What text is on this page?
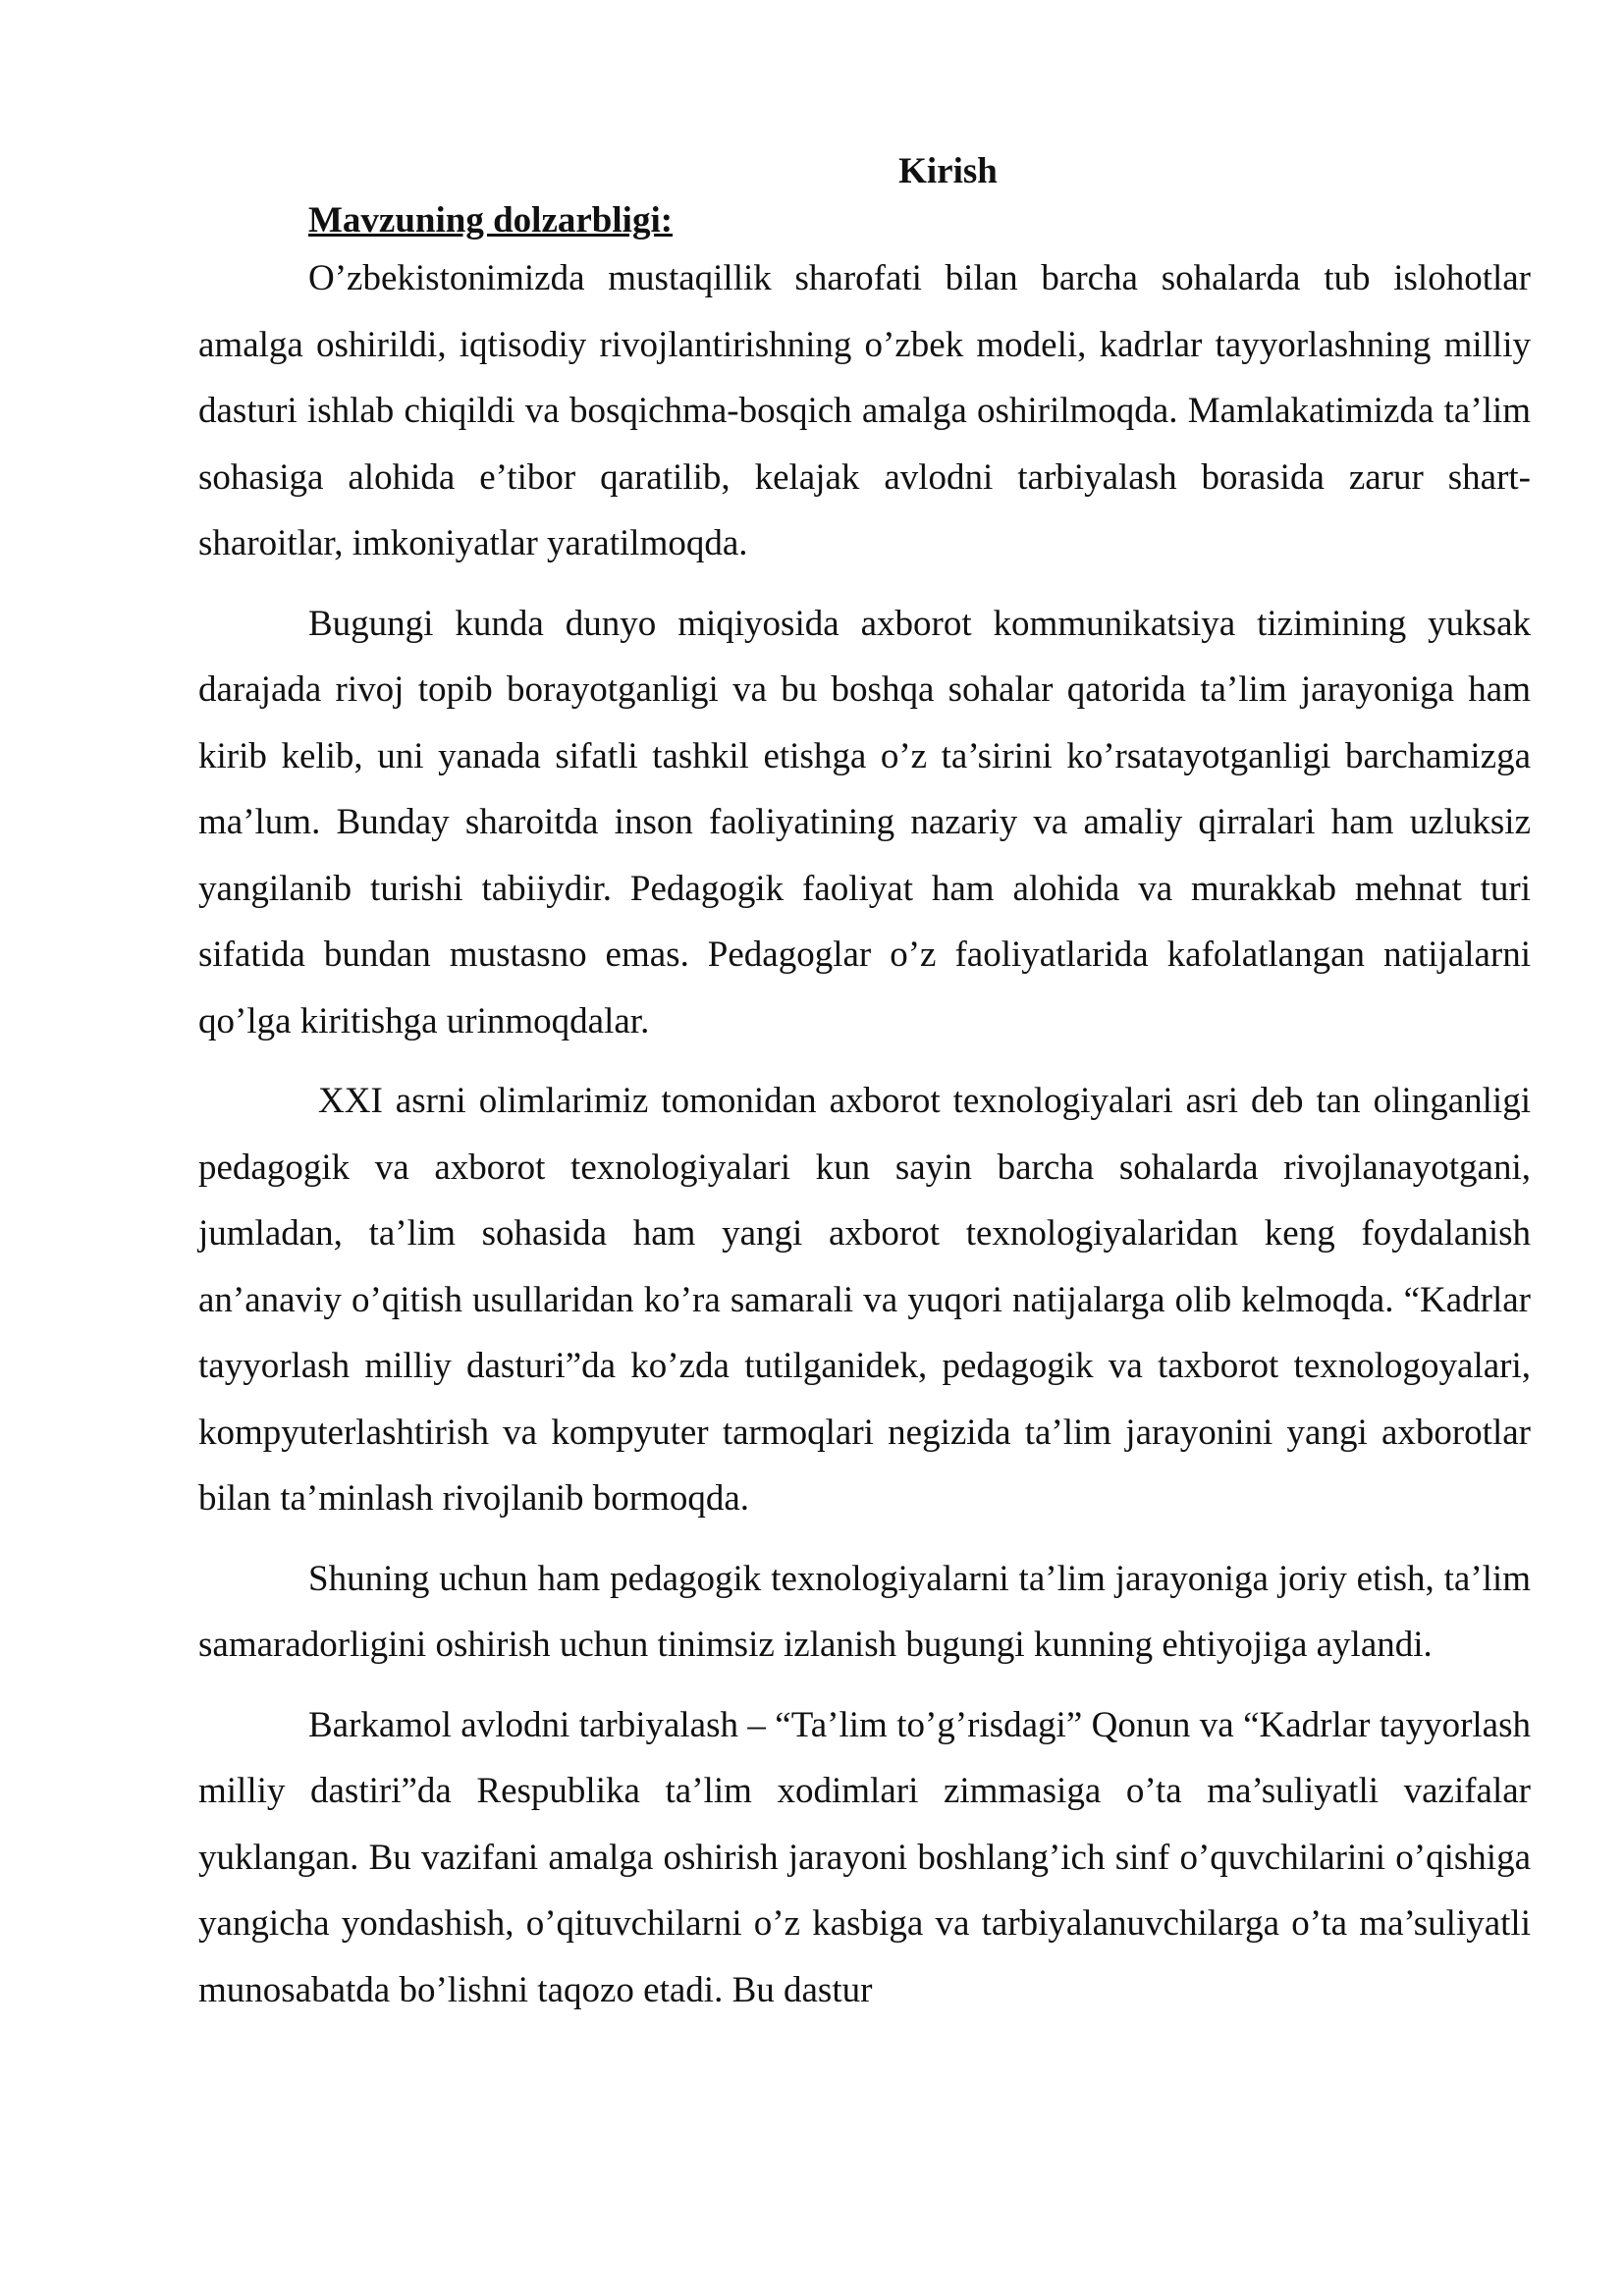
Kirish

Mavzuning dolzarbligi:

O’zbekistonimizda mustaqillik sharofati bilan barcha sohalarda tub islohotlar amalga oshirildi, iqtisodiy rivojlantirishning o’zbek modeli, kadrlar tayyorlashning milliy dasturi ishlab chiqildi va bosqichma-bosqich amalga oshirilmoqda. Mamlakatimizda ta’lim sohasiga alohida e’tibor qaratilib, kelajak avlodni tarbiyalash borasida zarur shart-sharoitlar, imkoniyatlar yaratilmoqda.

Bugungi kunda dunyo miqiyosida axborot kommunikatsiya tizimining yuksak darajada rivoj topib borayotganligi va bu boshqa sohalar qatorida ta’lim jarayoniga ham kirib kelib, uni yanada sifatli tashkil etishga o’z ta’sirini ko’rsatayotganligi barchamizga ma’lum. Bunday sharoitda inson faoliyatining nazariy va amaliy qirralari ham uzluksiz yangilanib turishi tabiiydir. Pedagogik faoliyat ham alohida va murakkab mehnat turi sifatida bundan mustasno emas. Pedagoglar o’z faoliyatlarida kafolatlangan natijalarni qo’lga kiritishga urinmoqdalar.

XXI asrni olimlarimiz tomonidan axborot texnologiyalari asri deb tan olinganligi pedagogik va axborot texnologiyalari kun sayin barcha sohalarda rivojlanayotgani, jumladan, ta’lim sohasida ham yangi axborot texnologiyalaridan keng foydalanish an’anaviy o’qitish usullaridan ko’ra samarali va yuqori natijalarga olib kelmoqda. “Kadrlar tayyorlash milliy dasturi”da ko’zda tutilganidek, pedagogik va taxborot texnologoyalari, kompyuterlashtirish va kompyuter tarmoqlari negizida ta’lim jarayonini yangi axborotlar bilan ta’minlash rivojlanib bormoqda.

Shuning uchun ham pedagogik texnologiyalarni ta’lim jarayoniga joriy etish, ta’lim samaradorligini oshirish uchun tinimsiz izlanish bugungi kunning ehtiyojiga aylandi.

Barkamol avlodni tarbiyalash – “Ta’lim to’g’risdagi” Qonun va “Kadrlar tayyorlash milliy dastiri”da Respublika ta’lim xodimlari zimmasiga o’ta ma’suliyatli vazifalar yuklangan. Bu vazifani amalga oshirish jarayoni boshlang’ich sinf o’quvchilarini o’qishiga yangicha yondashish, o’qituvchilarni o’z kasbiga va tarbiyalanuvchilarga o’ta ma’suliyatli munosabatda bo’lishni taqozo etadi. Bu dastur
